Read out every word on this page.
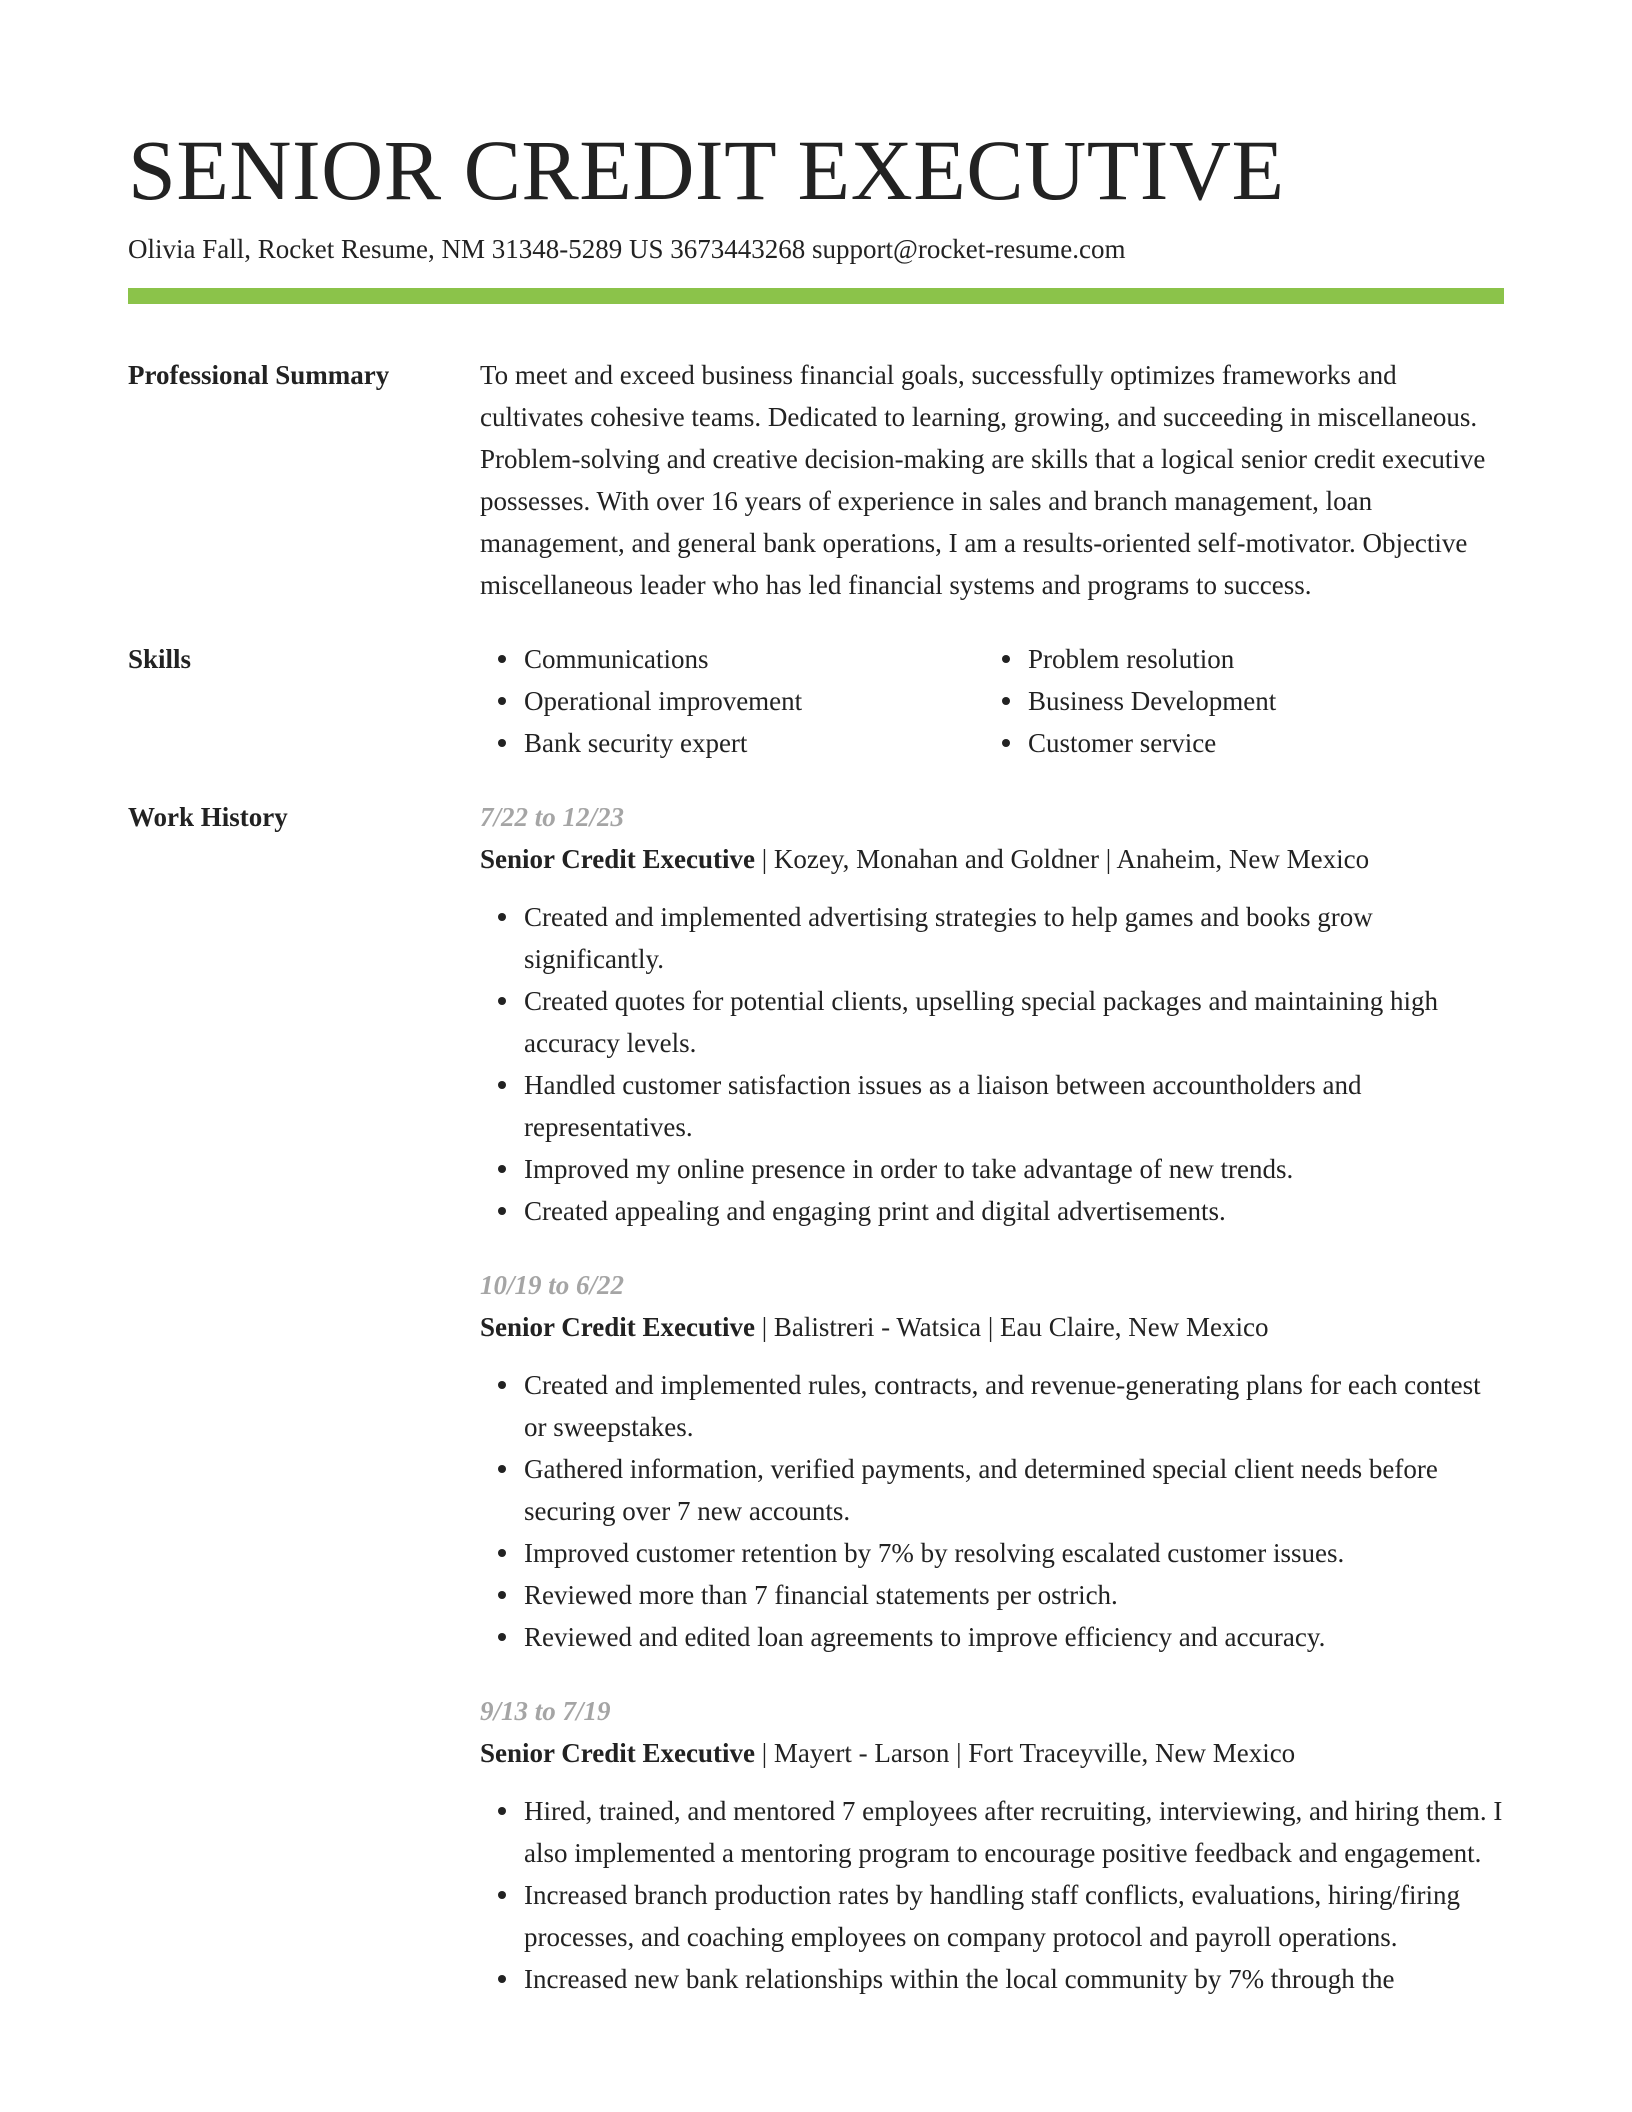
SENIOR CREDIT EXECUTIVE
Olivia Fall, Rocket Resume, NM 31348-5289 US 3673443268 support@rocket-resume.com
Professional Summary	To meet and exceed business financial goals, successfully optimizes frameworks and cultivates cohesive teams. Dedicated to learning, growing, and succeeding in miscellaneous. Problem-solving and creative decision-making are skills that a logical senior credit executive possesses. With over 16 years of experience in sales and branch management, loan management, and general bank operations, I am a results-oriented self-motivator. Objective miscellaneous leader who has led financial systems and programs to success.

Skills	Communications
Operational improvement
Bank security expert
Problem resolution
Business Development
Customer service
Work History	7/22 to 12/23
Senior Credit Executive | Kozey, Monahan and Goldner | Anaheim, New Mexico
Created and implemented advertising strategies to help games and books grow significantly.
Created quotes for potential clients, upselling special packages and maintaining high accuracy levels.
Handled customer satisfaction issues as a liaison between accountholders and representatives.
Improved my online presence in order to take advantage of new trends.
Created appealing and engaging print and digital advertisements.
10/19 to 6/22
Senior Credit Executive | Balistreri - Watsica | Eau Claire, New Mexico
Created and implemented rules, contracts, and revenue-generating plans for each contest or sweepstakes.
Gathered information, verified payments, and determined special client needs before securing over 7 new accounts.
Improved customer retention by 7% by resolving escalated customer issues.
Reviewed more than 7 financial statements per ostrich.
Reviewed and edited loan agreements to improve efficiency and accuracy.
9/13 to 7/19
Senior Credit Executive | Mayert - Larson | Fort Traceyville, New Mexico
Hired, trained, and mentored 7 employees after recruiting, interviewing, and hiring them. I also implemented a mentoring program to encourage positive feedback and engagement.
Increased branch production rates by handling staff conflicts, evaluations, hiring/firing processes, and coaching employees on company protocol and payroll operations.
Increased new bank relationships within the local community by 7% through the
